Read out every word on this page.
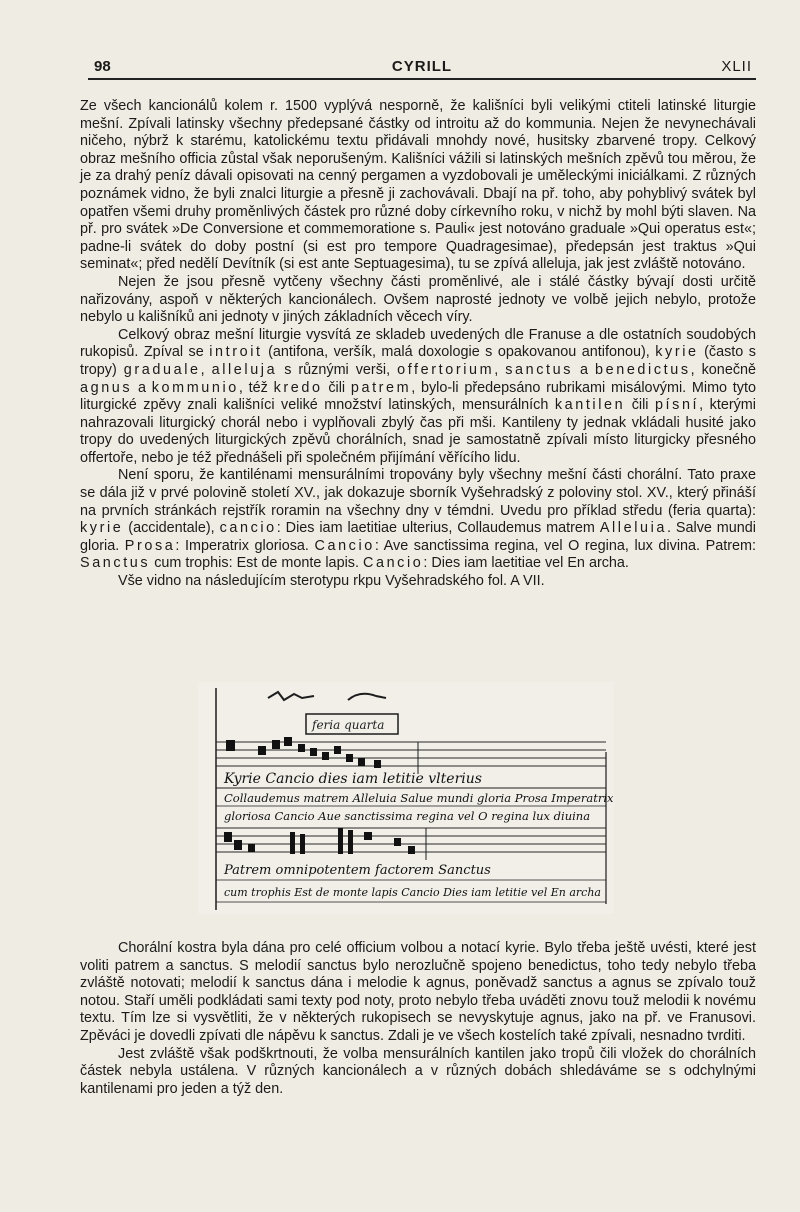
98	CYRILL	XLII

Ze všech kancionálů kolem r. 1500 vyplývá nesporně, že kališníci byli velikými ctiteli latinské liturgie mešní. Zpívali latinsky všechny předepsané částky od introitu až do kommunia. Nejen že nevynechávali ničeho, nýbrž k starému, katolickému textu přidávali mnohdy nové, husitsky zbarvené tropy. Celkový obraz mešního officia zůstal však neporušeným. Kališníci vážili si latinských mešních zpěvů tou měrou, že je za drahý peníz dávali opisovati na cenný pergamen a vyzdobovali je uměleckými iniciálkami. Z různých poznámek vidno, že byli znalci liturgie a přesně ji zachovávali. Dbají na př. toho, aby pohyblivý svátek byl opatřen všemi druhy proměnlivých částek pro různé doby církevního roku, v nichž by mohl býti slaven. Na př. pro svátek »De Conversione et commemoratione s. Pauli« jest notováno graduale »Qui operatus est«; padne-li svátek do doby postní (si est pro tempore Quadragesimae), předepsán jest traktus »Qui seminat«; před nedělí Devítník (si est ante Septuagesima), tu se zpívá alleluja, jak jest zvláště notováno.

Nejen že jsou přesně vytčeny všechny části proměnlivé, ale i stálé částky bývají dosti určitě nařizovány, aspoň v některých kancionálech. Ovšem naprosté jednoty ve volbě jejich nebylo, protože nebylo u kališníků ani jednoty v jiných základních věcech víry.

Celkový obraz mešní liturgie vysvítá ze skladeb uvedených dle Franuse a dle ostatních soudobých rukopisů. Zpíval se introit (antifona, veršík, malá doxologie s opakovanou antifonou), kyrie (často s tropy) graduale, alleluja s různými verši, offertorium, sanctus a benedictus, konečně agnus a kommunio, též kredo čili patrem, bylo-li předepsáno rubrikami misálovými. Mimo tyto liturgické zpěvy znali kališníci veliké množství latinských, mensurálních kantilen čili písní, kterými nahrazovali liturgický chorál nebo i vyplňovali zbylý čas při mši. Kantileny ty jednak vkládali husité jako tropy do uvedených liturgických zpěvů chorálních, snad je samostatně zpívali místo liturgicky přesného offertoře, nebo je též přednášeli při společném přijímání věřícího lidu.

Není sporu, že kantilénami mensurálními tropovány byly všechny mešní části chorální. Tato praxe se dála již v prvé polovině století XV., jak dokazuje sborník Vyšehradský z polovinу stol. XV., který přináší na prvních stránkách rejstřík roramin na všechny dny v témdni. Uvedu pro příklad středu (feria quarta): kyrie (accidentale), cancio: Dies iam laetitiae ulterius, Collaudemus matrem Alleluia. Salve mundi gloria. Prosa: Imperatrix gloriosa. Cancio: Ave sanctissima regina, vel O regina, lux divina. Patrem: Sanctus cum trophis: Est de monte lapis. Cancio: Dies iam laetitiae vel En archa.

Vše vidno na následujícím sterotypu rkpu Vyšehradského fol. A VII.

feria quarta
Kyrie Cancio dies iam letitie vlterius
Collaudemus matrem Alleluia Salue mundi gloria Prosa Imperatrix
gloriosa Cancio Aue sanctissima regina vel O regina lux diuina
Patrem omnipotentem factorem Sanctus
cum trophis Est de monte lapis Cancio Dies iam letitie vel En archa

Chorální kostra byla dána pro celé officium volbou a notací kyrie. Bylo třeba ještě uvésti, které jest voliti patrem a sanctus. S melodií sanctus bylo nerozlučně spojeno benedictus, toho tedy nebylo třeba zvláště notovati; melodií k sanctus dána i melodie k agnus, poněvadž sanctus a agnus se zpívalo touž notou. Staří uměli podkládati sami texty pod noty, proto nebylo třeba uváděti znovu touž melodii k novému textu. Tím lze si vysvětliti, že v některých rukopisech se nevyskytuje agnus, jako na př. ve Franusovi. Zpěváci je dovedli zpívati dle nápěvu k sanctus. Zdali je ve všech kostelích také zpívali, nesnadno tvrditi.

Jest zvláště však podškrtnouti, že volba mensurálních kantilen jako tropů čili vložek do chorálních částek nebyla ustálena. V různých kancionálech a v různých dobách shledáváme se s odchylnými kantilenami pro jeden a týž den.
